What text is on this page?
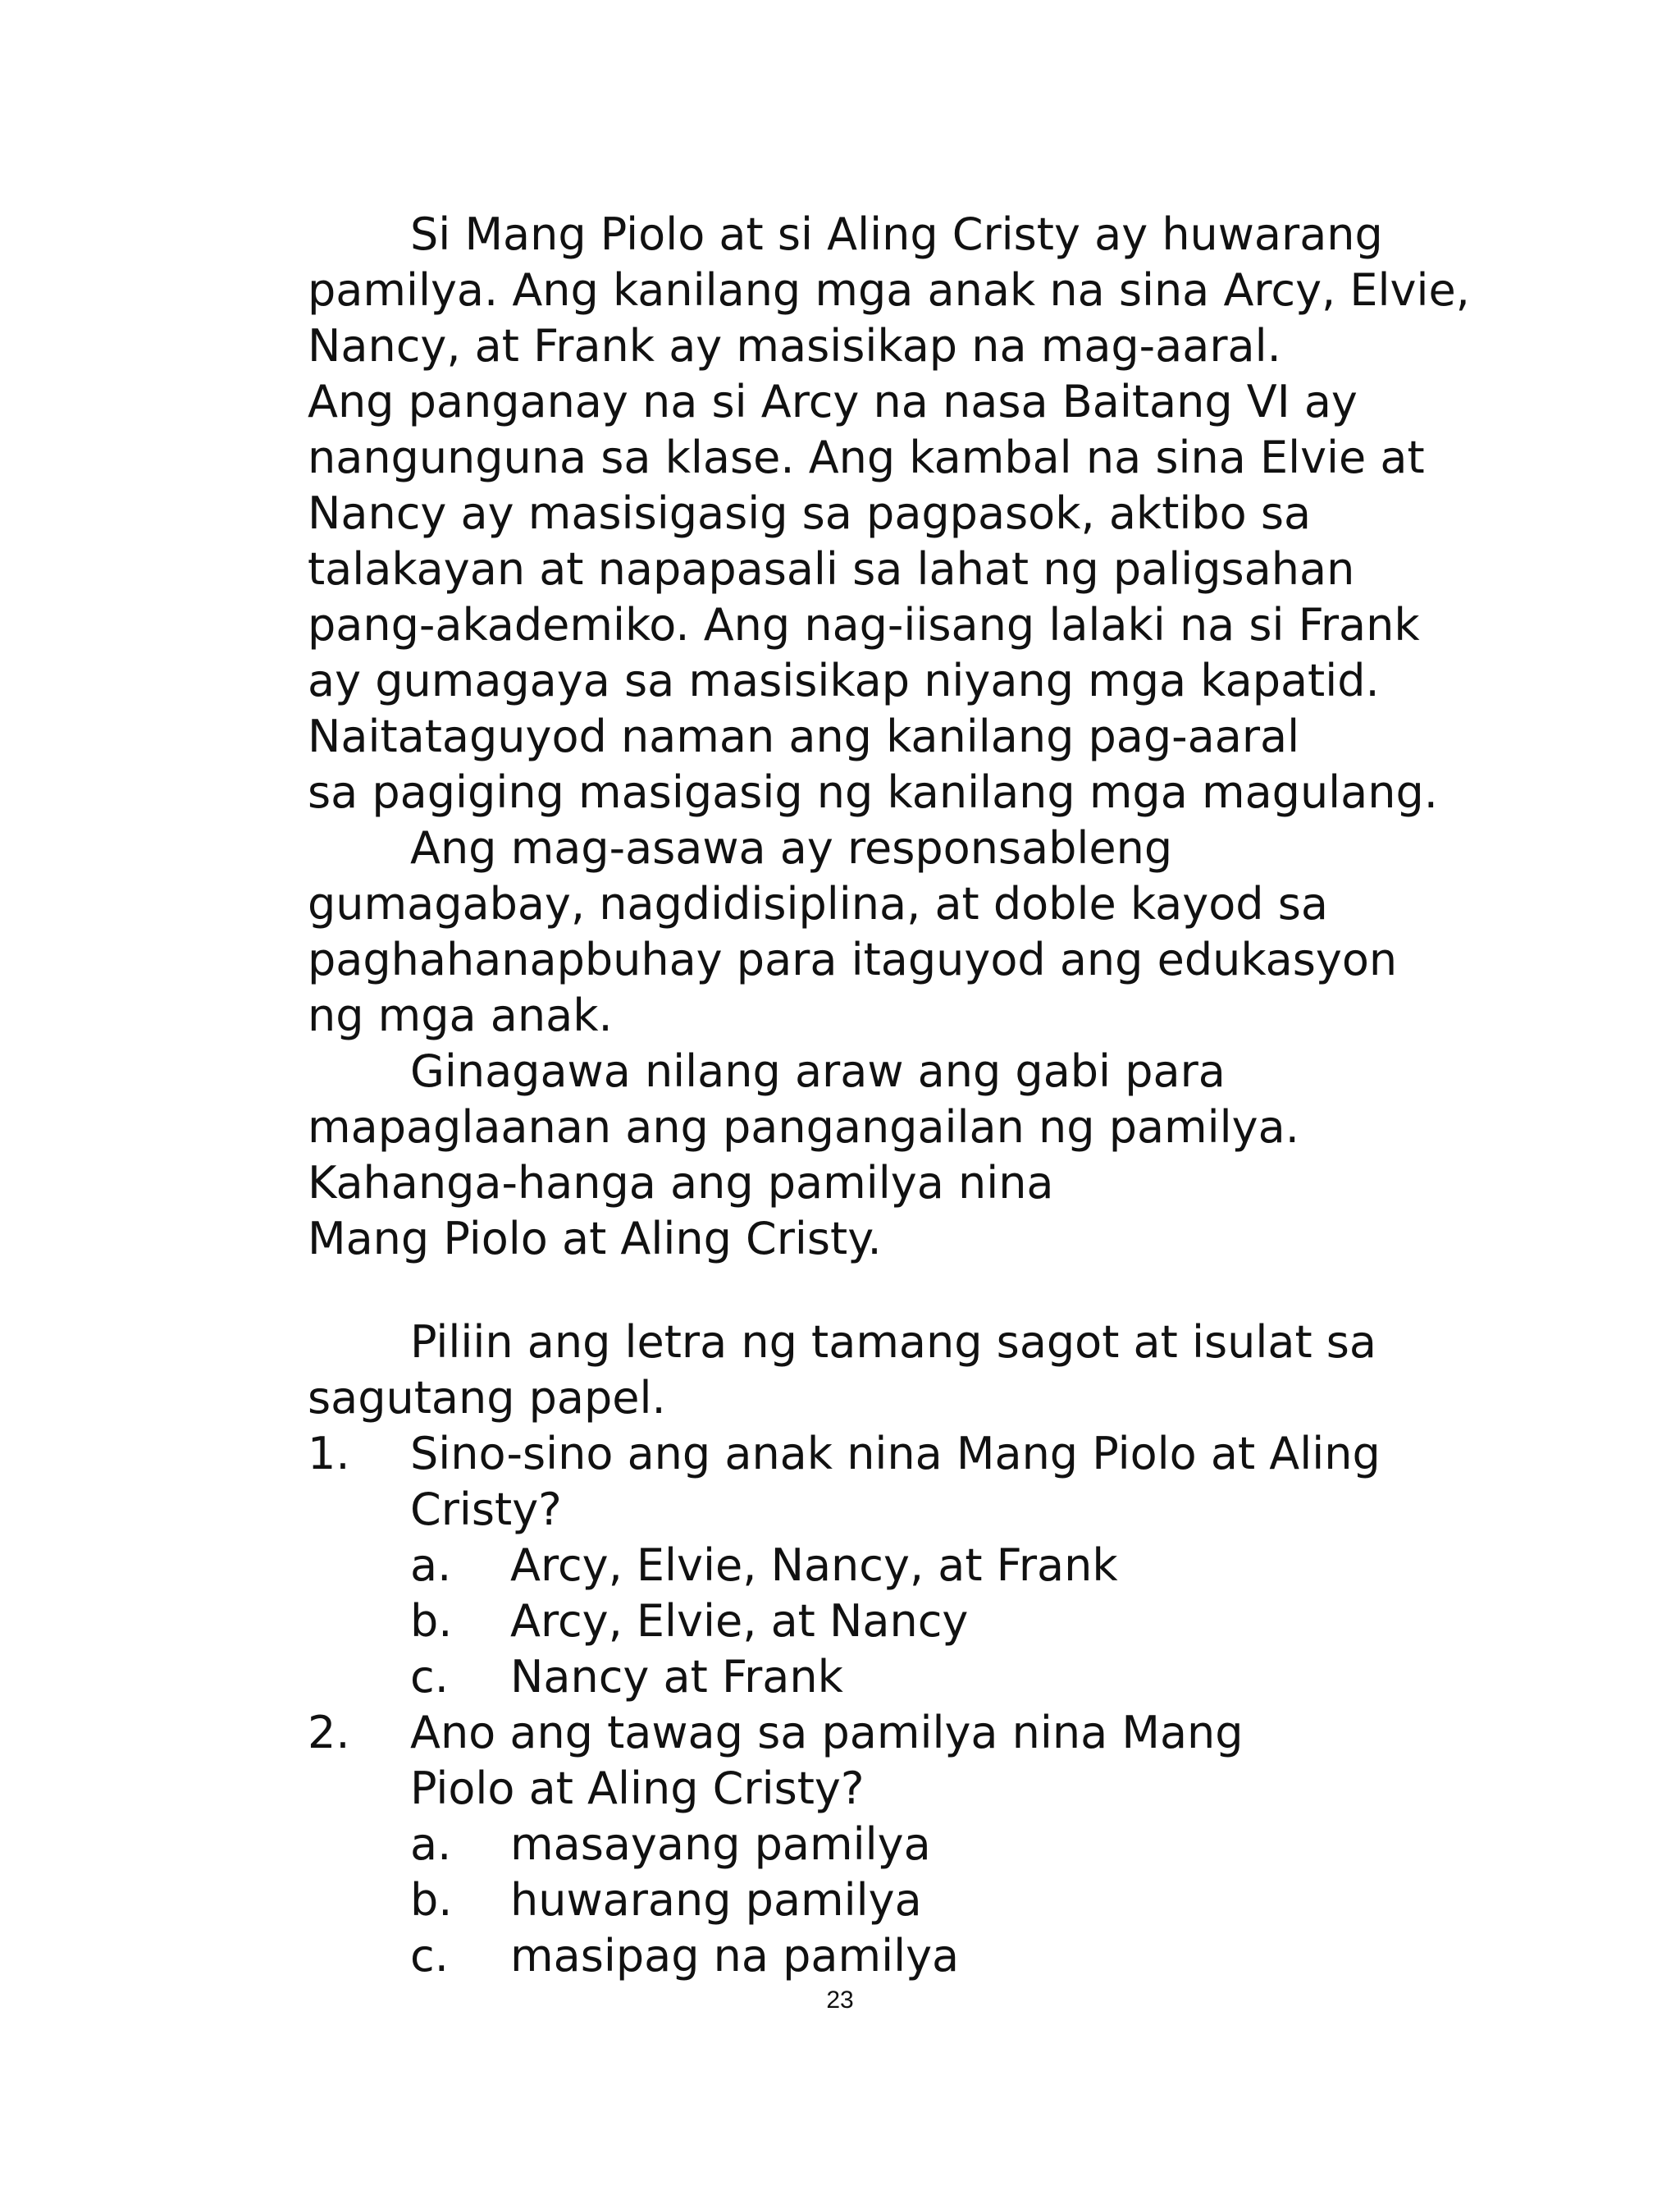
Si Mang Piolo at si Aling Cristy ay huwarang
pamilya. Ang kanilang mga anak na sina Arcy, Elvie,
Nancy, at Frank ay masisikap na mag-aaral.
Ang panganay na si Arcy na nasa Baitang VI ay
nangunguna sa klase. Ang kambal na sina Elvie at
Nancy ay masisigasig sa pagpasok, aktibo sa
talakayan at napapasali sa lahat ng paligsahan
pang-akademiko. Ang nag-iisang lalaki na si Frank
ay gumagaya sa masisikap niyang mga kapatid.
Naitataguyod naman ang kanilang pag-aaral
sa pagiging masigasig ng kanilang mga magulang.
Ang mag-asawa ay responsableng
gumagabay, nagdidisiplina, at doble kayod sa
paghahanapbuhay para itaguyod ang edukasyon
ng mga anak.
Ginagawa nilang araw ang gabi para
mapaglaanan ang pangangailan ng pamilya.
Kahanga-hanga ang pamilya nina
Mang Piolo at Aling Cristy.
Piliin ang letra ng tamang sagot at isulat sa
sagutang papel.
1. Sino-sino ang anak nina Mang Piolo at Aling
Cristy?
a. Arcy, Elvie, Nancy, at Frank
b. Arcy, Elvie, at Nancy
c. Nancy at Frank
2. Ano ang tawag sa pamilya nina Mang
Piolo at Aling Cristy?
a. masayang pamilya
b. huwarang pamilya
c. masipag na pamilya
23
